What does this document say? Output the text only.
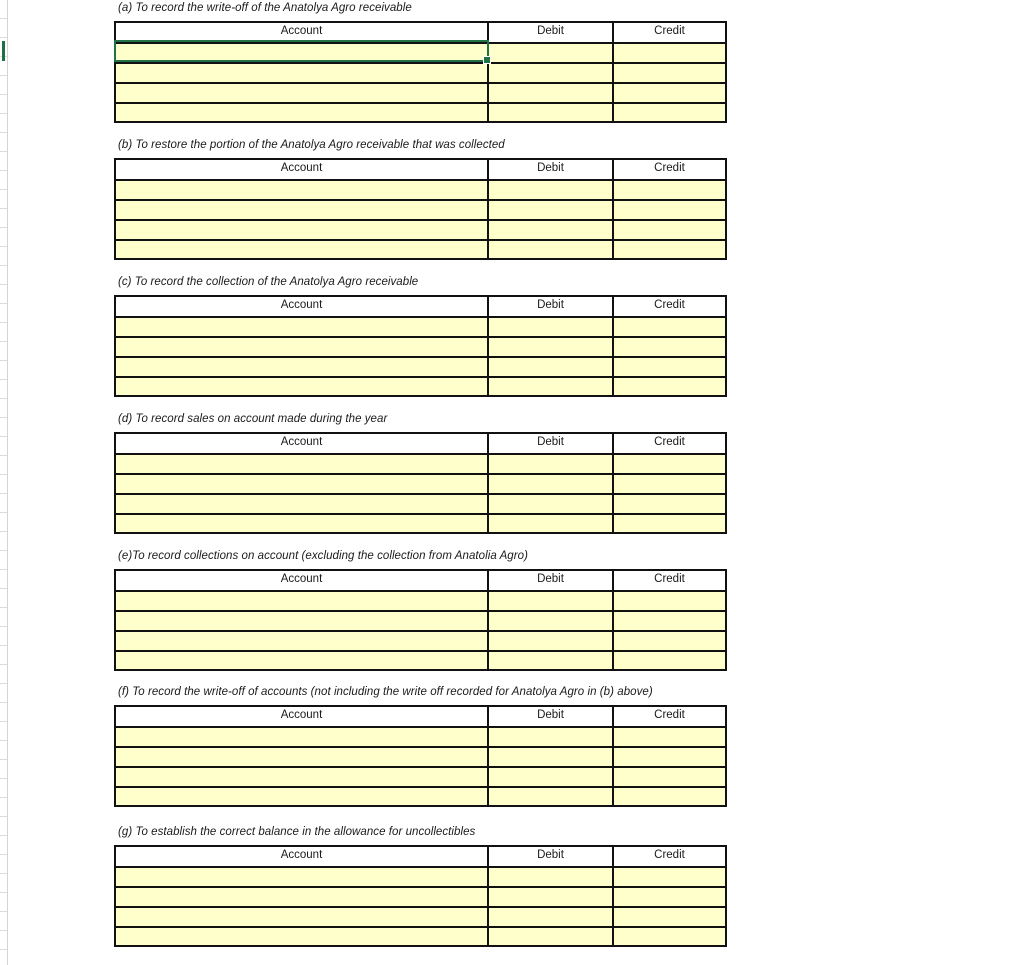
(a) To record the write-off of the Anatolya Agro receivable
Account	Debit	Credit
(b) To restore the portion of the Anatolya Agro receivable that was collected
Account	Debit	Credit
(c) To record the collection of the Anatolya Agro receivable
Account	Debit	Credit
(d) To record sales on account made during the year
Account	Debit	Credit
(e)To record collections on account (excluding the collection from Anatolia Agro)
Account	Debit	Credit
(f) To record the write-off of accounts (not including the write off recorded for Anatolya Agro in (b) above)
Account	Debit	Credit
(g) To establish the correct balance in the allowance for uncollectibles
Account	Debit	Credit
